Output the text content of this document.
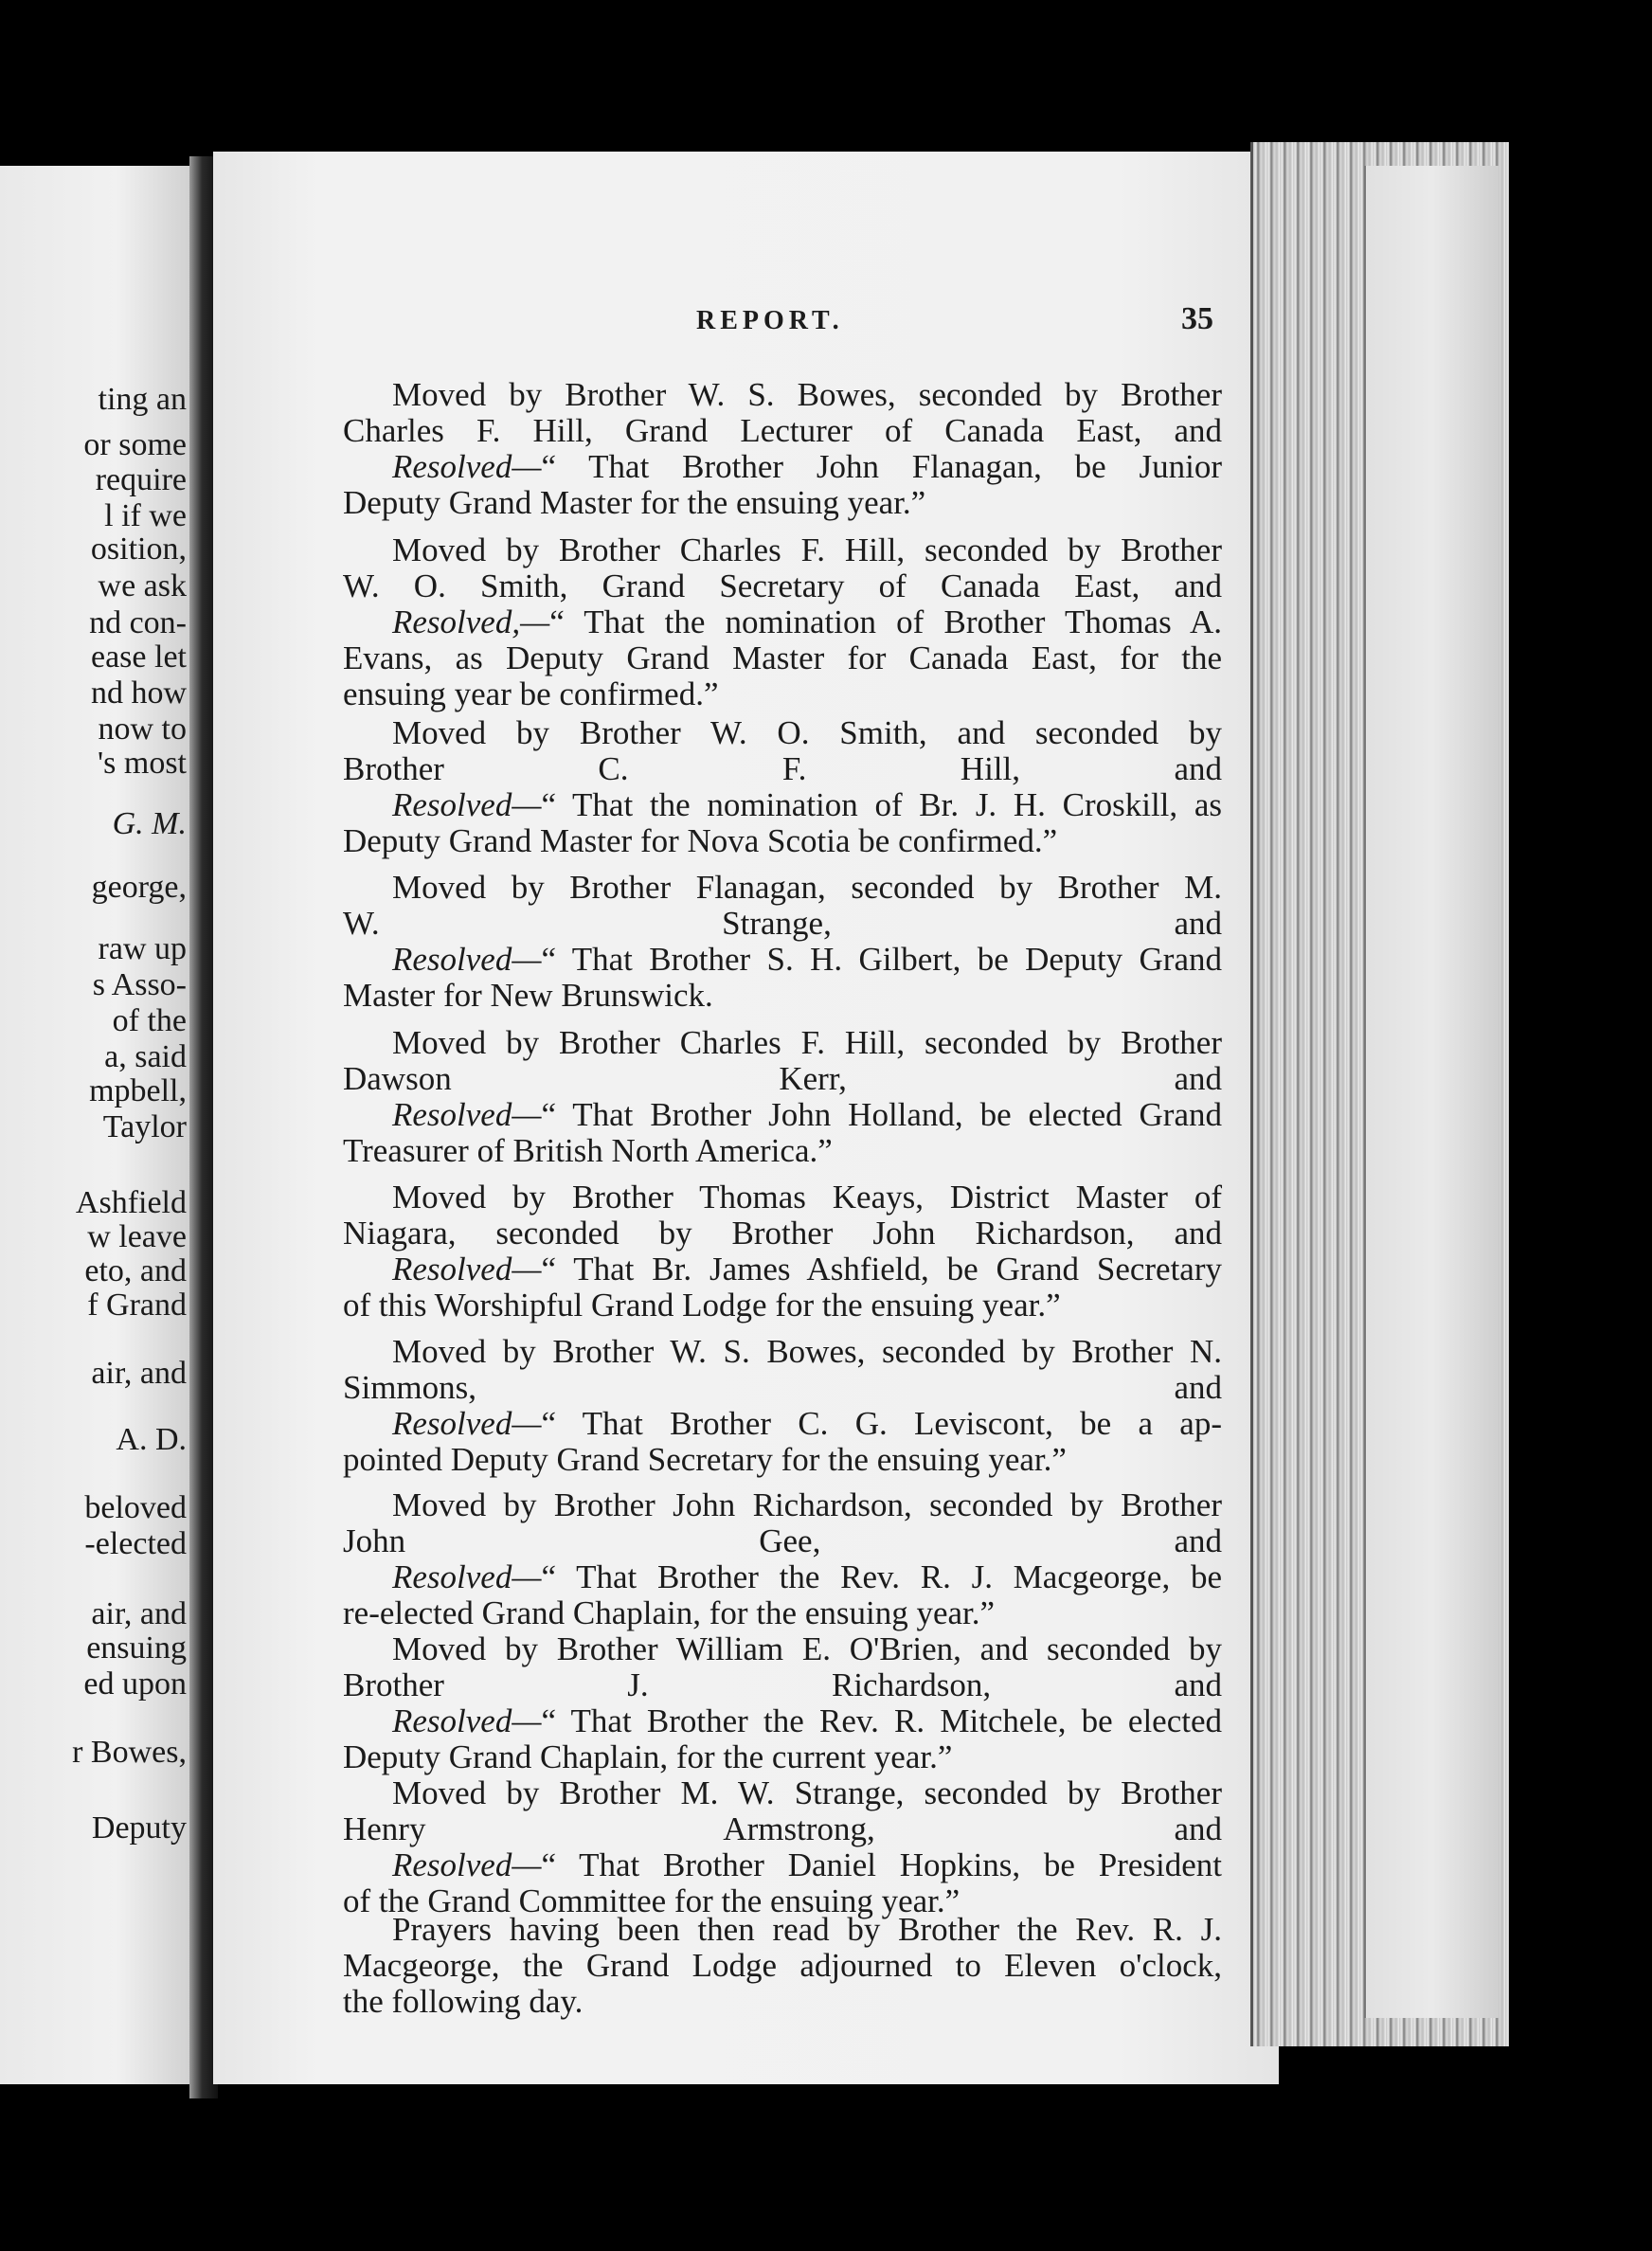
ting an
or some
require
l if we
osition,
we ask
nd con-
ease let
nd how
now to
's most
G. M.
george,
raw up
s Asso-
of the
a, said
mpbell,
Taylor
Ashfield
w leave
eto, and
f Grand
air, and
A. D.
beloved
-elected
air, and
ensuing
ed upon
r Bowes,
Deputy
REPORT.	35
Moved by Brother W. S. Bowes, seconded by Brother
Charles F. Hill, Grand Lecturer of Canada East, and
Resolved—“ That Brother John Flanagan, be Junior
Deputy Grand Master for the ensuing year.”
Moved by Brother Charles F. Hill, seconded by Brother
W. O. Smith, Grand Secretary of Canada East, and
Resolved,—“ That the nomination of Brother Thomas A.
Evans, as Deputy Grand Master for Canada East, for the
ensuing year be confirmed.”
Moved by Brother W. O. Smith, and seconded by
Brother C. F. Hill, and
Resolved—“ That the nomination of Br. J. H. Croskill, as
Deputy Grand Master for Nova Scotia be confirmed.”
Moved by Brother Flanagan, seconded by Brother M.
W. Strange, and
Resolved—“ That Brother S. H. Gilbert, be Deputy Grand
Master for New Brunswick.
Moved by Brother Charles F. Hill, seconded by Brother
Dawson Kerr, and
Resolved—“ That Brother John Holland, be elected Grand
Treasurer of British North America.”
Moved by Brother Thomas Keays, District Master of
Niagara, seconded by Brother John Richardson, and
Resolved—“ That Br. James Ashfield, be Grand Secretary
of this Worshipful Grand Lodge for the ensuing year.”
Moved by Brother W. S. Bowes, seconded by Brother N.
Simmons, and
Resolved—“ That Brother C. G. Leviscont, be a ap-
pointed Deputy Grand Secretary for the ensuing year.”
Moved by Brother John Richardson, seconded by Brother
John Gee, and
Resolved—“ That Brother the Rev. R. J. Macgeorge, be
re-elected Grand Chaplain, for the ensuing year.”
Moved by Brother William E. O'Brien, and seconded by
Brother J. Richardson, and
Resolved—“ That Brother the Rev. R. Mitchele, be elected
Deputy Grand Chaplain, for the current year.”
Moved by Brother M. W. Strange, seconded by Brother
Henry Armstrong, and
Resolved—“ That Brother Daniel Hopkins, be President
of the Grand Committee for the ensuing year.”
Prayers having been then read by Brother the Rev. R. J.
Macgeorge, the Grand Lodge adjourned to Eleven o'clock,
the following day.
